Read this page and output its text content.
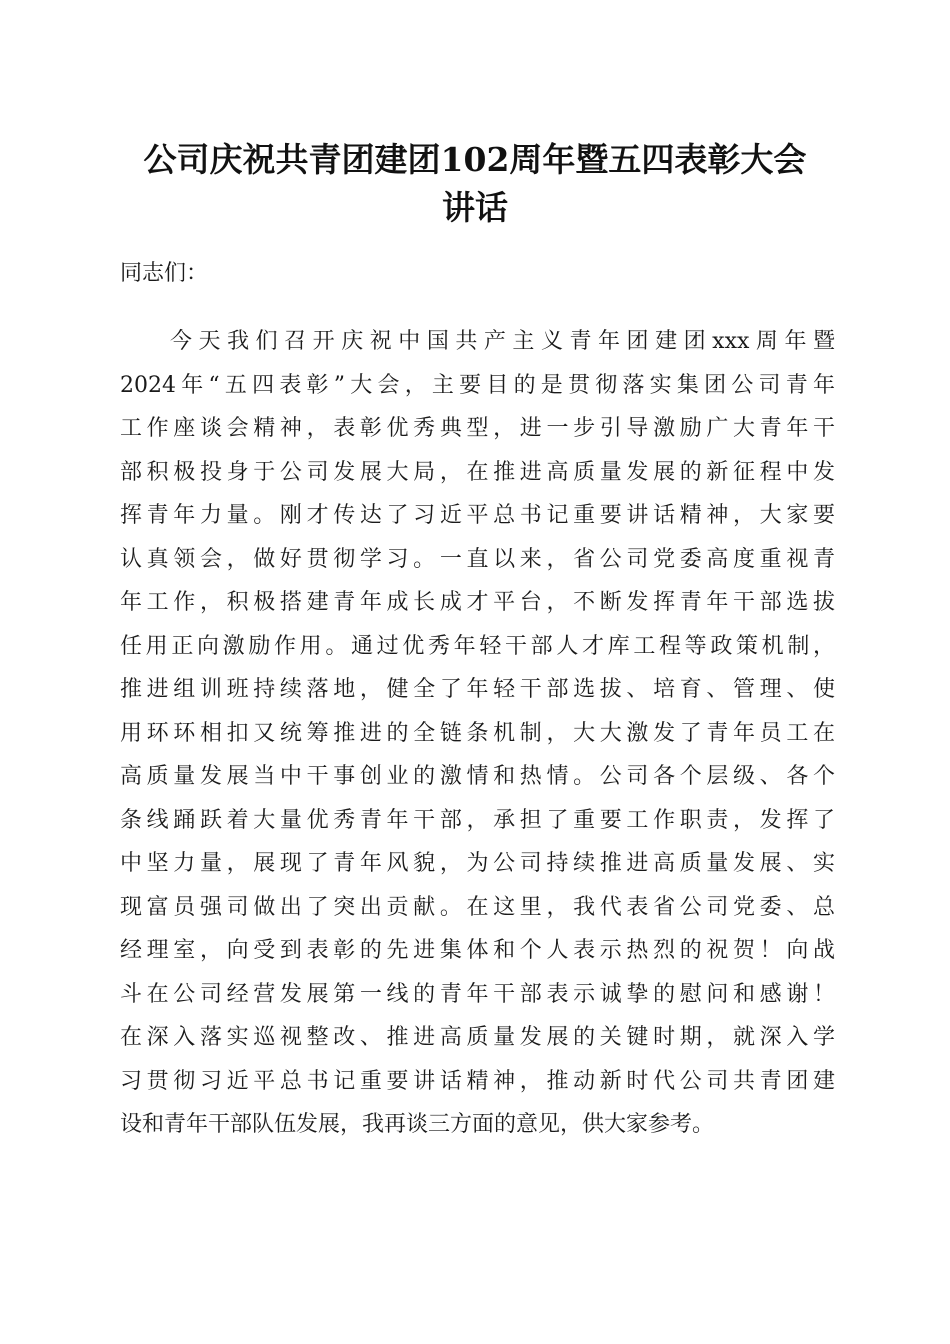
公司庆祝共青团建团102周年暨五四表彰大会
讲话

同志们：

今天我们召开庆祝中国共产主义青年团建团xxx周年暨
2024年“五四表彰”大会，主要目的是贯彻落实集团公司青年
工作座谈会精神，表彰优秀典型，进一步引导激励广大青年干
部积极投身于公司发展大局，在推进高质量发展的新征程中发
挥青年力量。刚才传达了习近平总书记重要讲话精神，大家要
认真领会，做好贯彻学习。一直以来，省公司党委高度重视青
年工作，积极搭建青年成长成才平台，不断发挥青年干部选拔
任用正向激励作用。通过优秀年轻干部人才库工程等政策机制，
推进组训班持续落地，健全了年轻干部选拔、培育、管理、使
用环环相扣又统筹推进的全链条机制，大大激发了青年员工在
高质量发展当中干事创业的激情和热情。公司各个层级、各个
条线踊跃着大量优秀青年干部，承担了重要工作职责，发挥了
中坚力量，展现了青年风貌，为公司持续推进高质量发展、实
现富员强司做出了突出贡献。在这里，我代表省公司党委、总
经理室，向受到表彰的先进集体和个人表示热烈的祝贺！向战
斗在公司经营发展第一线的青年干部表示诚挚的慰问和感谢！
在深入落实巡视整改、推进高质量发展的关键时期，就深入学
习贯彻习近平总书记重要讲话精神，推动新时代公司共青团建
设和青年干部队伍发展，我再谈三方面的意见，供大家参考。
